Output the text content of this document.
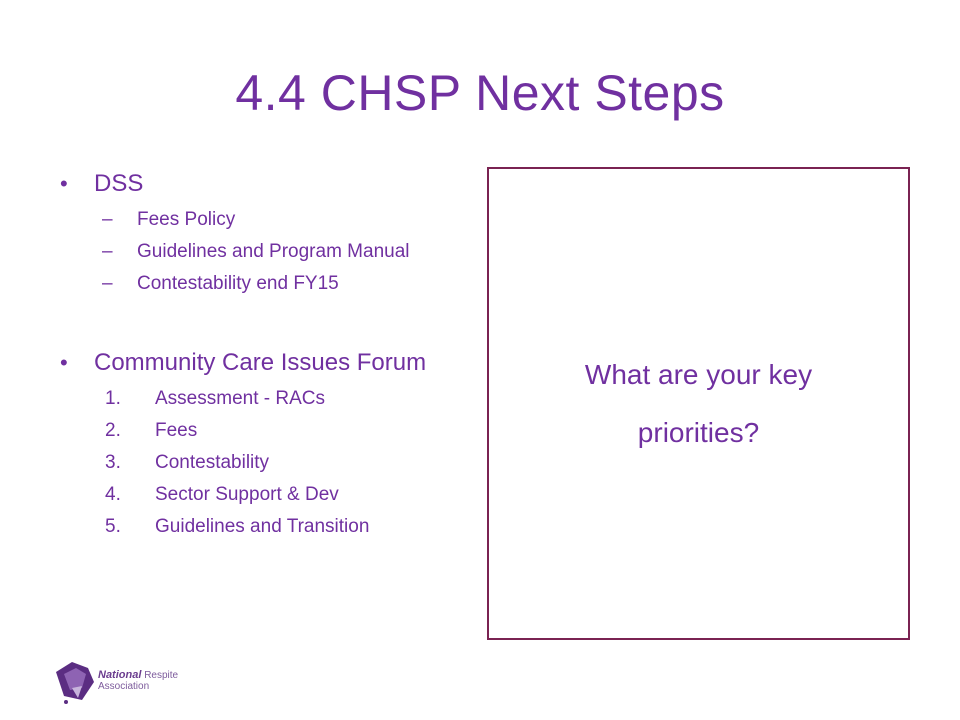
4.4 CHSP Next Steps
• DSS
– Fees Policy
– Guidelines and Program Manual
– Contestability end FY15
• Community Care Issues Forum
1. Assessment - RACs
2. Fees
3. Contestability
4. Sector Support & Dev
5. Guidelines and Transition
What are your key priorities?
National Respite
Association
